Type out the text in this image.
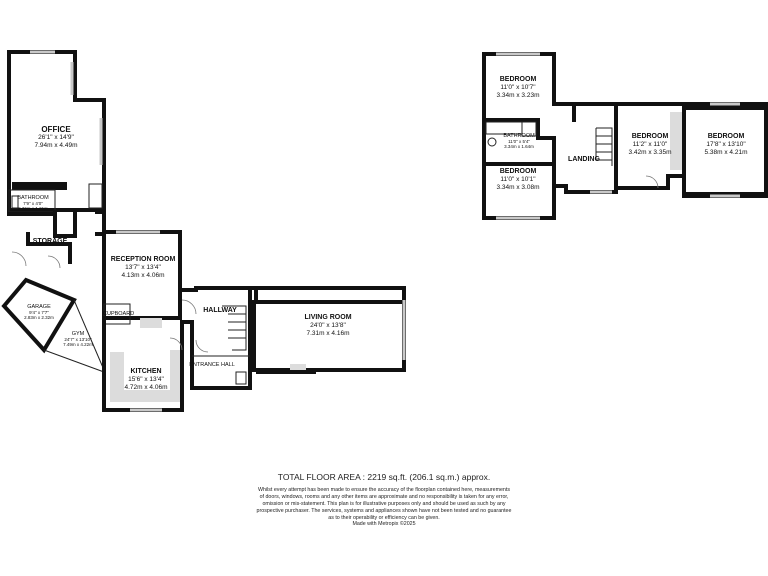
OFFICE
26'1" x 14'9"
7.94m x 4.49m
BATHROOM
7'9" x 4'0"
2.36m x 1.21m
STORAGE
GARAGE
9'4" x 7'7"
2.83m x 2.32m
GYM
24'7" x 13'10"
7.49m x 4.22m
RECEPTION ROOM
13'7" x 13'4"
4.13m x 4.06m
CUPBOARD
KITCHEN
15'6" x 13'4"
4.72m x 4.06m
HALLWAY
ENTRANCE HALL
LIVING ROOM
24'0" x 13'8"
7.31m x 4.16m
BEDROOM
11'0" x 10'7"
3.34m x 3.23m
BATHROOM
11'0" x 5'4"
3.34m x 1.64m
BEDROOM
11'0" x 10'1"
3.34m x 3.08m
LANDING
BEDROOM
11'2" x 11'0"
3.42m x 3.35m
BEDROOM
17'8" x 13'10"
5.38m x 4.21m
TOTAL FLOOR AREA : 2219 sq.ft. (206.1 sq.m.) approx.
Whilst every attempt has been made to ensure the accuracy of the floorplan contained here, measurements
of doors, windows, rooms and any other items are approximate and no responsibility is taken for any error,
omission or mis-statement. This plan is for illustrative purposes only and should be used as such by any
prospective purchaser. The services, systems and appliances shown have not been tested and no guarantee
as to their operability or efficiency can be given.
Made with Metropix ©2025
